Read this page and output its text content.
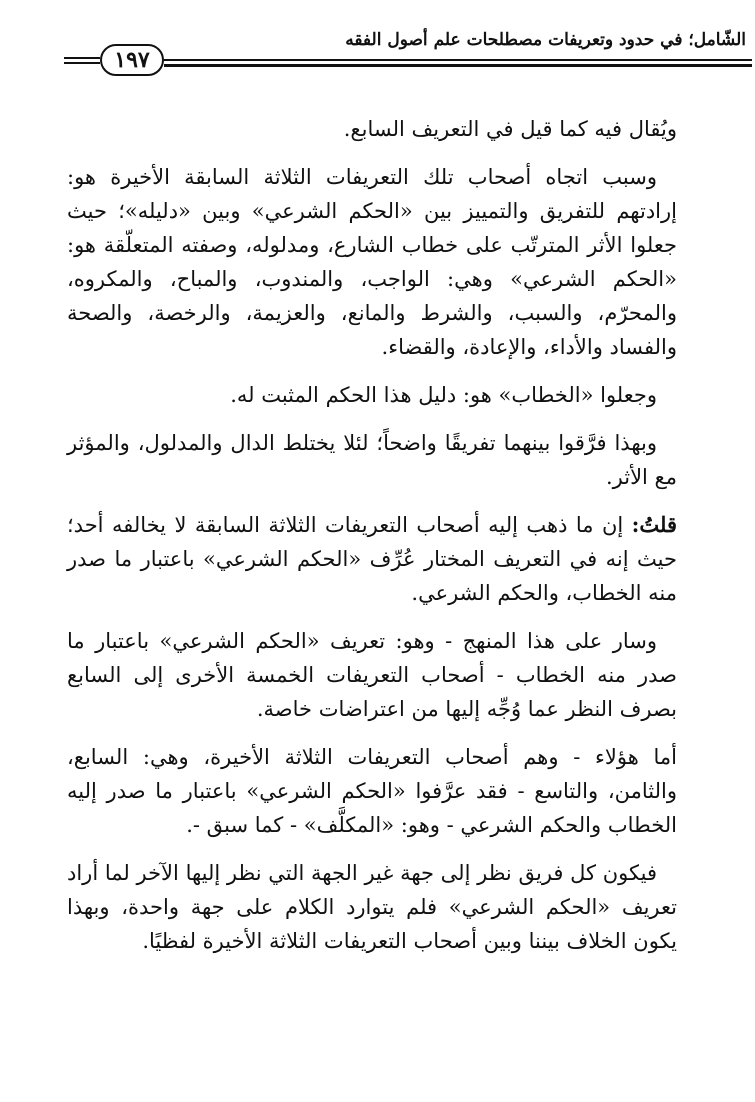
الشّامل؛ في حدود وتعريفات مصطلحات علم أصول الفقه
١٩٧

ويُقال فيه كما قيل في التعريف السابع.

وسبب اتجاه أصحاب تلك التعريفات الثلاثة السابقة الأخيرة هو: إرادتهم للتفريق والتمييز بين «الحكم الشرعي» وبين «دليله»؛ حيث جعلوا الأثر المترتّب على خطاب الشارع، ومدلوله، وصفته المتعلّقة هو: «الحكم الشرعي» وهي: الواجب، والمندوب، والمباح، والمكروه، والمحرّم، والسبب، والشرط والمانع، والعزيمة، والرخصة، والصحة والفساد والأداء، والإعادة، والقضاء.

وجعلوا «الخطاب» هو: دليل هذا الحكم المثبت له.

وبهذا فرَّقوا بينهما تفريقًا واضحاً؛ لئلا يختلط الدال والمدلول، والمؤثر مع الأثر.

قلتُ: إن ما ذهب إليه أصحاب التعريفات الثلاثة السابقة لا يخالفه أحد؛ حيث إنه في التعريف المختار عُرِّف «الحكم الشرعي» باعتبار ما صدر منه الخطاب، والحكم الشرعي.

وسار على هذا المنهج - وهو: تعريف «الحكم الشرعي» باعتبار ما صدر منه الخطاب - أصحاب التعريفات الخمسة الأخرى إلى السابع بصرف النظر عما وُجِّه إليها من اعتراضات خاصة.

أما هؤلاء - وهم أصحاب التعريفات الثلاثة الأخيرة، وهي: السابع، والثامن، والتاسع - فقد عرَّفوا «الحكم الشرعي» باعتبار ما صدر إليه الخطاب والحكم الشرعي - وهو: «المكلَّف» - كما سبق -.

فيكون كل فريق نظر إلى جهة غير الجهة التي نظر إليها الآخر لما أراد تعريف «الحكم الشرعي» فلم يتوارد الكلام على جهة واحدة، وبهذا يكون الخلاف بيننا وبين أصحاب التعريفات الثلاثة الأخيرة لفظيًا.
